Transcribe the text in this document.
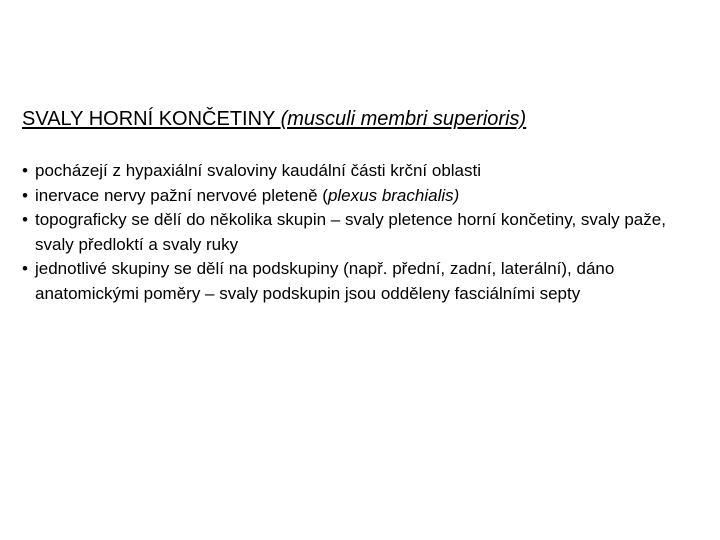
SVALY HORNÍ KONČETINY (musculi membri superioris)
• pocházejí z hypaxiální svaloviny kaudální části krční oblasti
• inervace nervy pažní nervové pleteně (plexus brachialis)
• topograficky se dělí do několika skupin – svaly pletence horní končetiny, svaly paže, svaly předloktí a svaly ruky
• jednotlivé skupiny se dělí na podskupiny (např. přední, zadní, laterální), dáno anatomickými poměry – svaly podskupin jsou odděleny fasciálními septy
